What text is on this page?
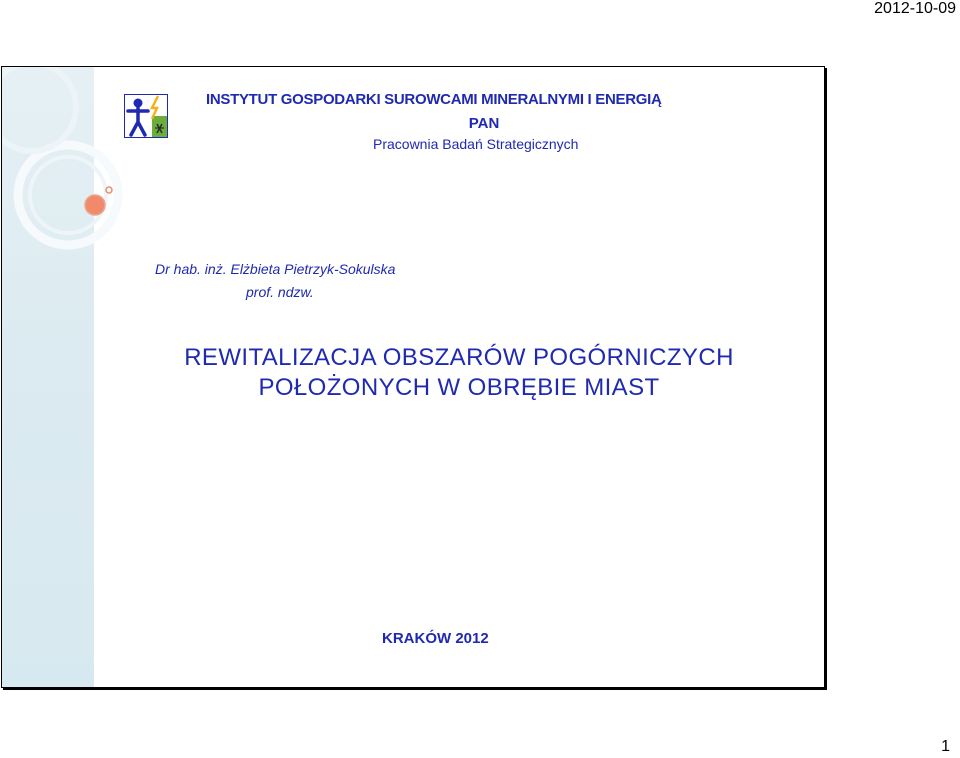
2012-10-09
INSTYTUT GOSPODARKI SUROWCAMI MINERALNYMI I ENERGIĄ
PAN
Pracownia Badań Strategicznych
Dr hab. inż. Elżbieta Pietrzyk-Sokulska
prof. ndzw.
REWITALIZACJA OBSZARÓW POGÓRNICZYCH
POŁOŻONYCH W OBRĘBIE MIAST
KRAKÓW 2012
1
